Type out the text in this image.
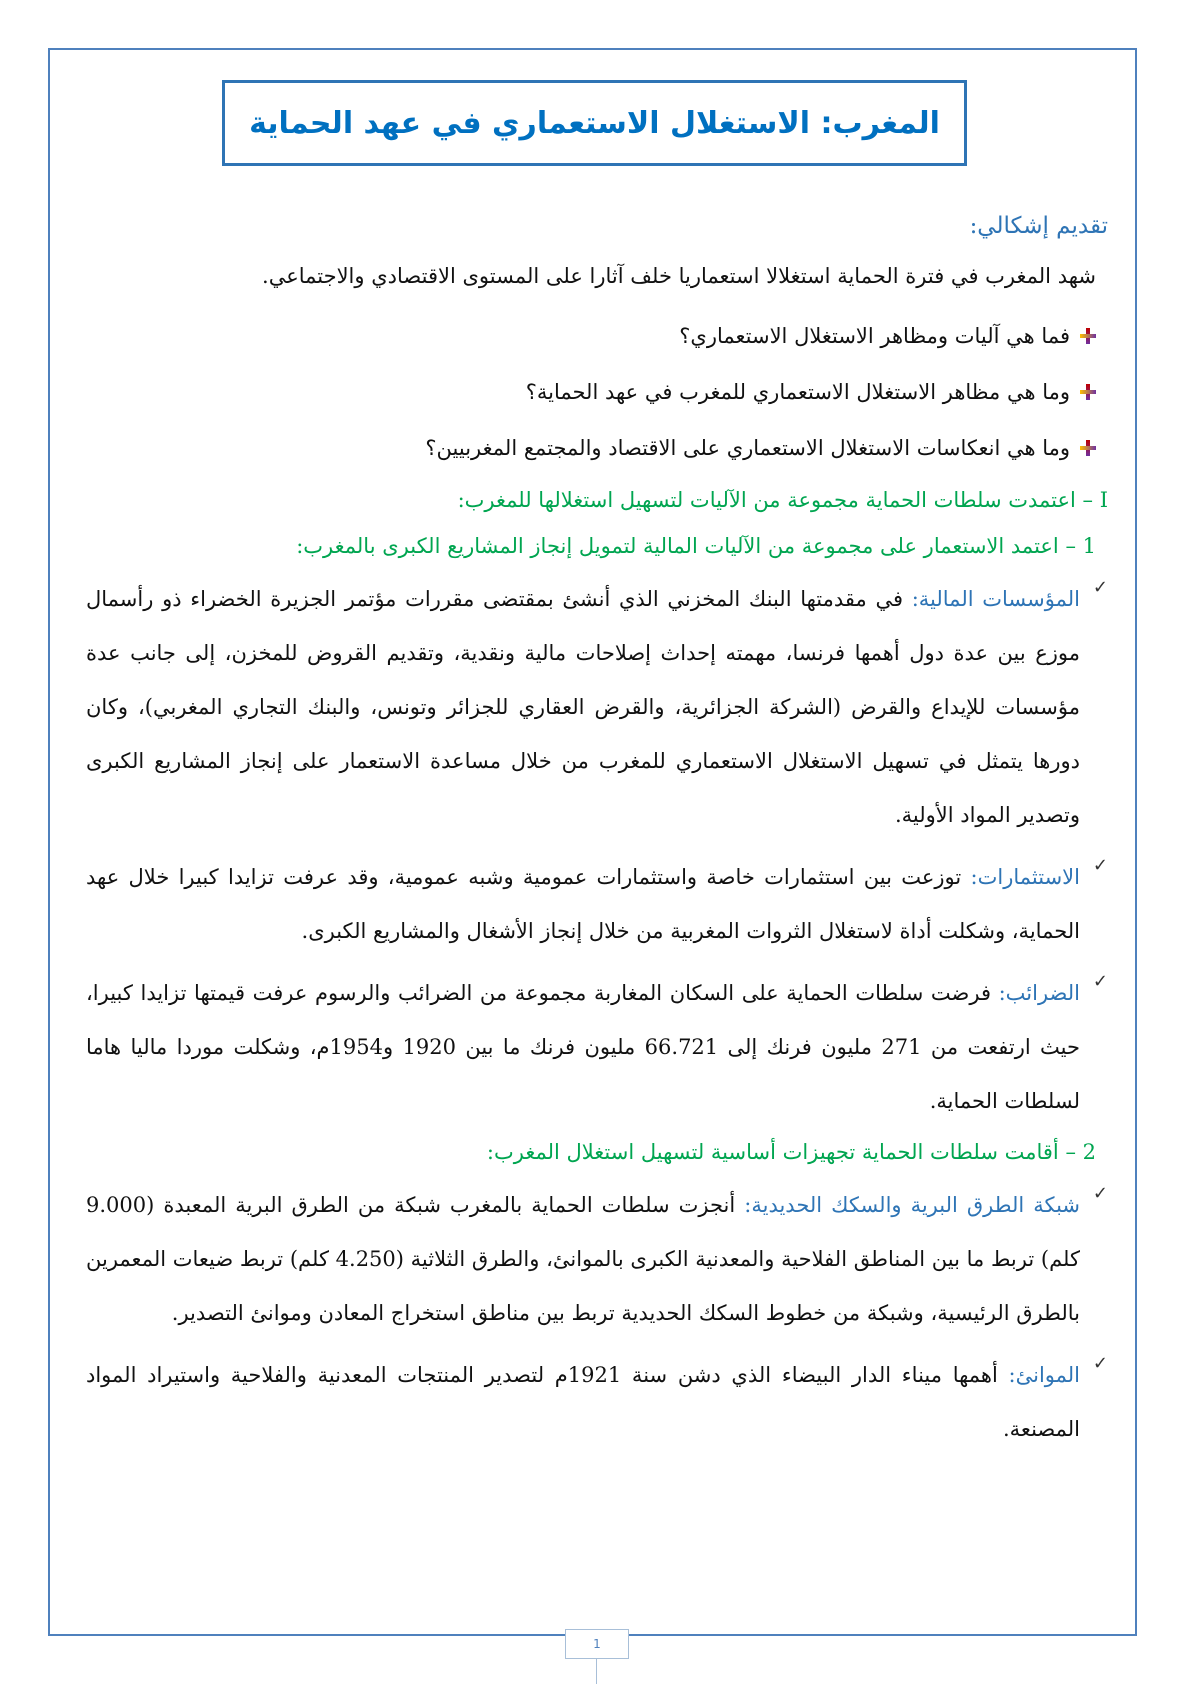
المغرب: الاستغلال الاستعماري في عهد الحماية

تقديم إشكالي:

شهد المغرب في فترة الحماية استغلالا استعماريا خلف آثارا على المستوى الاقتصادي والاجتماعي.

فما هي آليات ومظاهر الاستغلال الاستعماري؟
وما هي مظاهر الاستغلال الاستعماري للمغرب في عهد الحماية؟
وما هي انعكاسات الاستغلال الاستعماري على الاقتصاد والمجتمع المغربيين؟

I – اعتمدت سلطات الحماية مجموعة من الآليات لتسهيل استغلالها للمغرب:

1 – اعتمد الاستعمار على مجموعة من الآليات المالية لتمويل إنجاز المشاريع الكبرى بالمغرب:

✓
المؤسسات المالية: في مقدمتها البنك المخزني الذي أنشئ بمقتضى مقررات مؤتمر الجزيرة الخضراء ذو رأسمال موزع بين عدة دول أهمها فرنسا، مهمته إحداث إصلاحات مالية ونقدية، وتقديم القروض للمخزن، إلى جانب عدة مؤسسات للإيداع والقرض (الشركة الجزائرية، والقرض العقاري للجزائر وتونس، والبنك التجاري المغربي)، وكان دورها يتمثل في تسهيل الاستغلال الاستعماري للمغرب من خلال مساعدة الاستعمار على إنجاز المشاريع الكبرى وتصدير المواد الأولية.
✓
الاستثمارات: توزعت بين استثمارات خاصة واستثمارات عمومية وشبه عمومية، وقد عرفت تزايدا كبيرا خلال عهد الحماية، وشكلت أداة لاستغلال الثروات المغربية من خلال إنجاز الأشغال والمشاريع الكبرى.
✓
الضرائب: فرضت سلطات الحماية على السكان المغاربة مجموعة من الضرائب والرسوم عرفت قيمتها تزايدا كبيرا، حيث ارتفعت من 271 مليون فرنك إلى 66.721 مليون فرنك ما بين 1920 و1954م، وشكلت موردا ماليا هاما لسلطات الحماية.

2 – أقامت سلطات الحماية تجهيزات أساسية لتسهيل استغلال المغرب:

✓
شبكة الطرق البرية والسكك الحديدية: أنجزت سلطات الحماية بالمغرب شبكة من الطرق البرية المعبدة (9.000 كلم) تربط ما بين المناطق الفلاحية والمعدنية الكبرى بالموانئ، والطرق الثلاثية (4.250 كلم) تربط ضيعات المعمرين بالطرق الرئيسية، وشبكة من خطوط السكك الحديدية تربط بين مناطق استخراج المعادن وموانئ التصدير.
✓
الموانئ: أهمها ميناء الدار البيضاء الذي دشن سنة 1921م لتصدير المنتجات المعدنية والفلاحية واستيراد المواد المصنعة.
1
